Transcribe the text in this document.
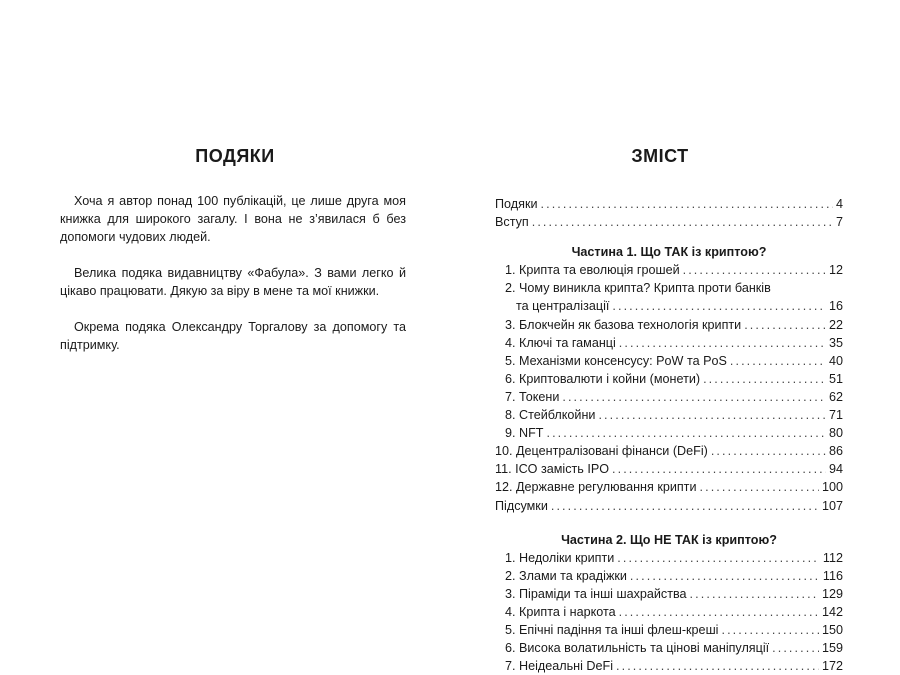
ПОДЯКИ

Хоча я автор понад 100 публікацій, це лише друга моя книжка для широкого загалу. І вона не з’явилася б без допомоги чудових людей.

Велика подяка видавництву «Фабула». З вами легко й цікаво працювати. Дякую за віру в мене та мої книжки.

Окрема подяка Олександру Торгалову за допомогу та підтримку.

ЗМІСТ
Подяки .....	4
Вступ .....	7
Частина 1. Що ТАК із криптою?
1. Крипта та еволюція грошей .....	12
2. Чому виникла крипта? Крипта проти банків
та централізації .....	16
3. Блокчейн як базова технологія крипти .....	22
4. Ключі та гаманці .....	35
5. Механізми консенсусу: PoW та PoS .....	40
6. Криптовалюти і койни (монети) .....	51
7. Токени .....	62
8. Стейблкойни .....	71
9. NFT .....	80
10. Децентралізовані фінанси (DeFi) .....	86
11. ICO замість IPO .....	94
12. Державне регулювання крипти .....	100
Підсумки .....	107
Частина 2. Що НЕ ТАК із криптою?
1. Недоліки крипти .....	112
2. Злами та крадіжки .....	116
3. Піраміди та інші шахрайства .....	129
4. Крипта і наркота .....	142
5. Епічні падіння та інші флеш-креші .....	150
6. Висока волатильність та цінові маніпуляції .....	159
7. Неідеальні DeFi .....	172
